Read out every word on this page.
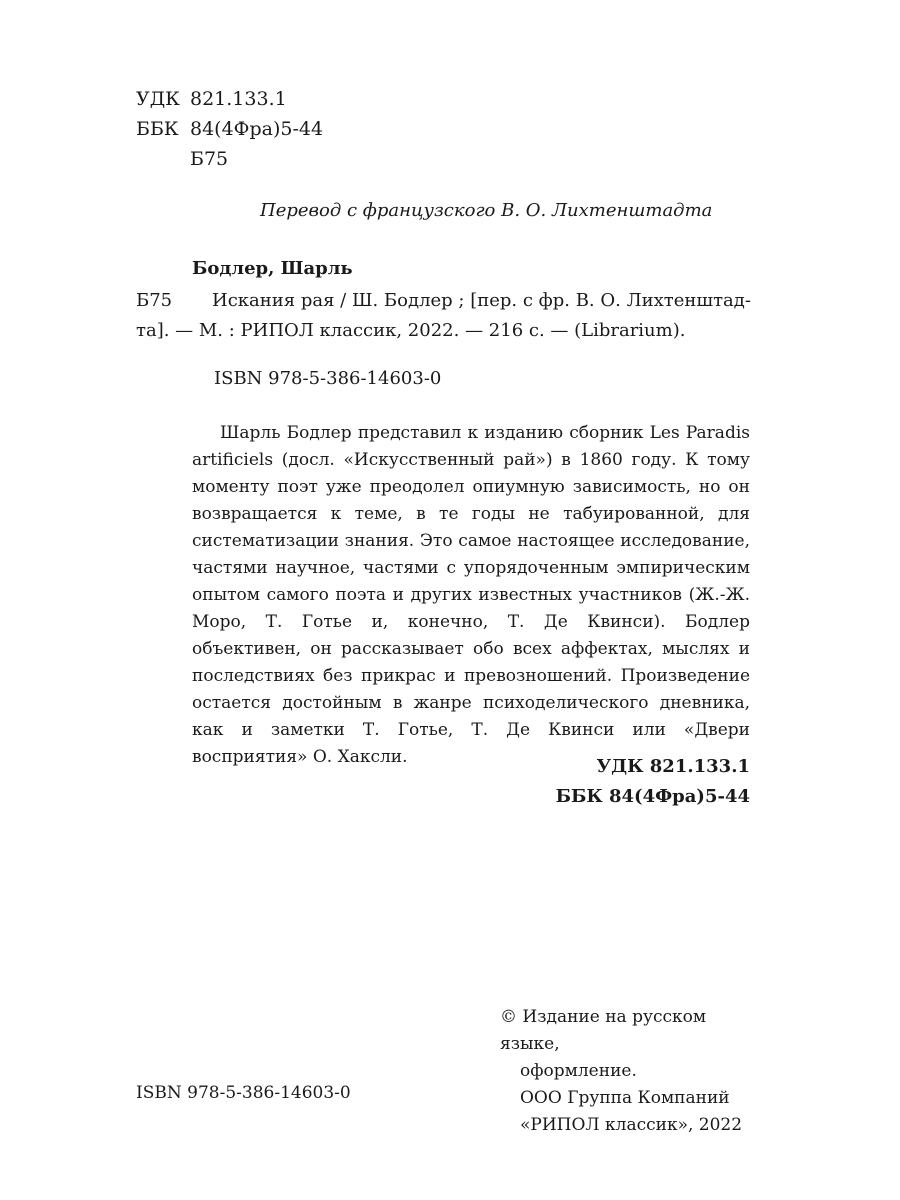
УДК 821.133.1
ББК 84(4Фра)5-44
Б75
Перевод с французского В. О. Лихтенштадта
Бодлер, Шарль
Б75 Искания рая / Ш. Бодлер ; [пер. с фр. В. О. Лихтенштад-
та]. — М. : РИПОЛ классик, 2022. — 216 с. — (Librarium).
ISBN 978-5-386-14603-0

Шарль Бодлер представил к изданию сборник Les Paradis artificiels (досл. «Искусственный рай») в 1860 году. К тому моменту поэт уже преодолел опиумную зависимость, но он возвращается к теме, в те годы не табуированной, для систематизации знания. Это самое настоящее исследование, частями научное, частями с упорядоченным эмпирическим опытом самого поэта и других известных участников (Ж.-Ж. Моро, Т. Готье и, конечно, Т. Де Квинси). Бодлер объективен, он рассказывает обо всех аффектах, мыслях и последствиях без прикрас и превозношений. Произведение остается достойным в жанре психоделического дневника, как и заметки Т. Готье, Т. Де Квинси или «Двери восприятия» О. Хаксли.	УДК 821.133.1
ББК 84(4Фра)5-44
© Издание на русском языке,
оформление.
ООО Группа Компаний
«РИПОЛ классик», 2022
ISBN 978-5-386-14603-0
